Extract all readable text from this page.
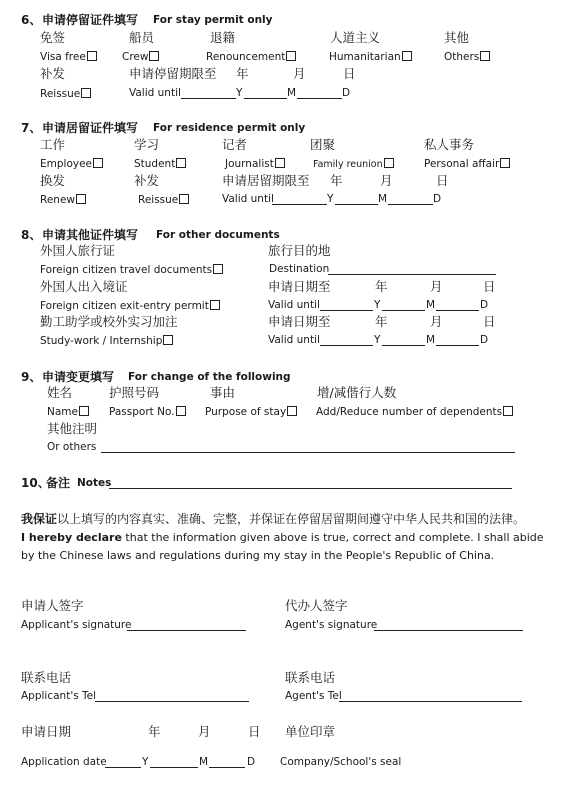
6、 申请停留证件填写 For stay permit only
免签	船员	退籍	人道主义	其他
Visa free	Crew	Renouncement	Humanitarian	Others
补发	申请停留期限至 年	月	日
Reissue	Valid until	Y	M	D
7、 申请居留证件填写 For residence permit only
工作	学习	记者	团聚	私人事务
Employee	Student	Journalist	Family reunion	Personal affair
换发	补发	申请居留期限至 年	月	日
Renew	Reissue	Valid until	Y	M	D
8、 申请其他证件填写 For other documents
外国人旅行证	旅行目的地
Foreign citizen travel documents	Destination
外国人出入境证	申请日期至	年	月	日
Foreign citizen exit-entry permit	Valid until	Y	M	D
勤工助学或校外实习加注	申请日期至	年	月	日
Study-work / Internship	Valid until	Y	M	D
9、 申请变更填写 For change of the following
姓名	护照号码	事由	增/减偕行人数
Name	Passport No.	Purpose of stay	Add/Reduce number of dependents
其他注明
Or others
10、
备注 Notes
我保证以上填写的内容真实、准确、完整，并保证在停留居留期间遵守中华人民共和国的法律。
I hereby declare that the information given above is true, correct and complete. I shall abide by the Chinese laws and regulations during my stay in the People's Republic of China.
申请人签字
Applicant's signature
代办人签字
Agent's signature
联系电话
Applicant's Tel
联系电话
Agent's Tel
申请日期	年	月	日 单位印章
Application date	Y	M	D Company/School's seal
